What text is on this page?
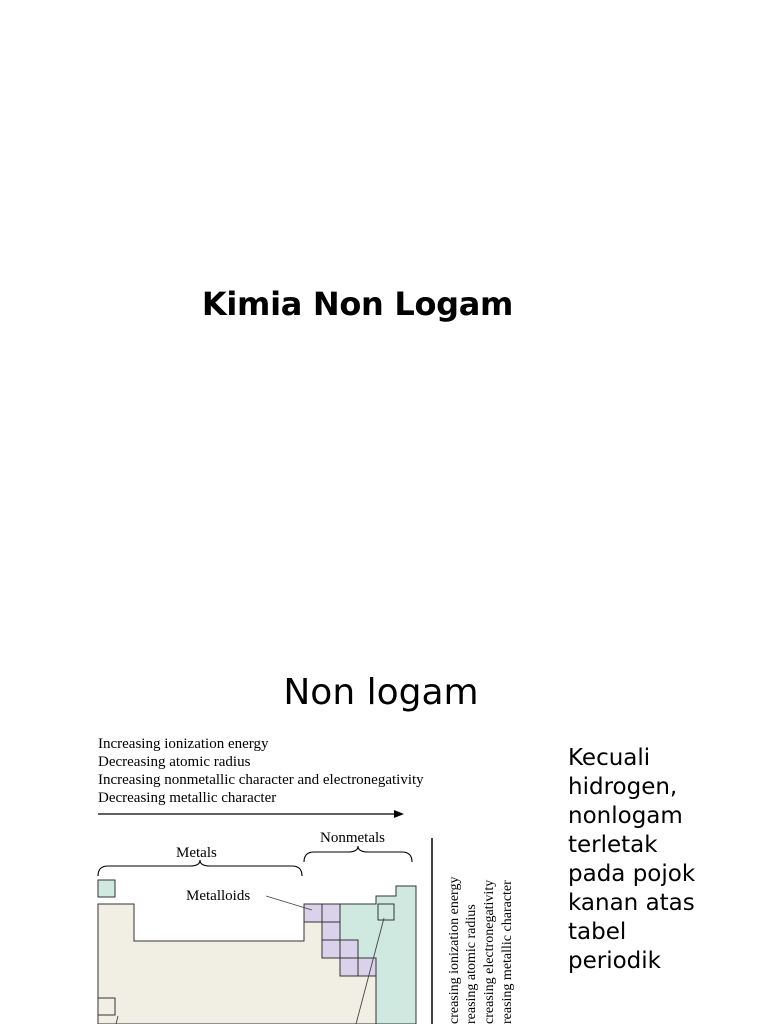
Kimia Non Logam
Non logam
Increasing ionization energy
Decreasing atomic radius
Increasing nonmetallic character and electronegativity
Decreasing metallic character
Metals
Nonmetals
Metalloids	creasing ionization energy reasing atomic radius creasing electronegativity reasing metallic character
Kecuali
hidrogen,
nonlogam
terletak
pada pojok
kanan atas
tabel
periodik
